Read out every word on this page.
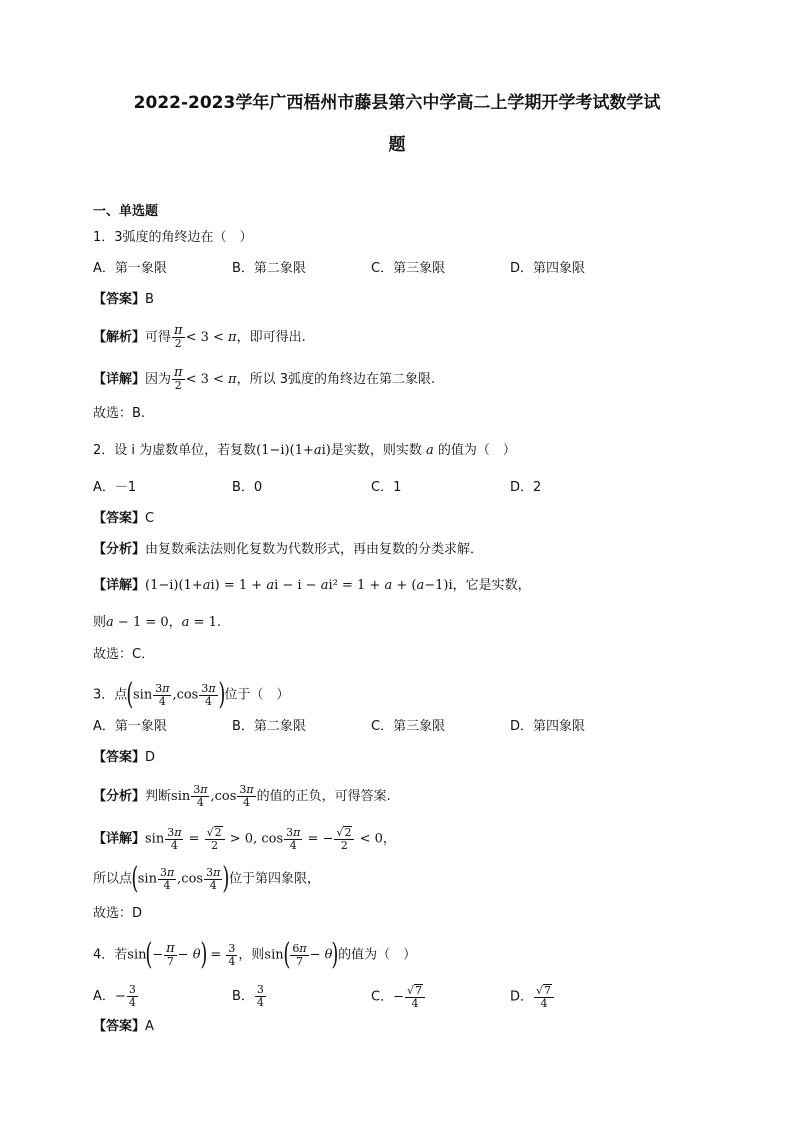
2022-2023学年广西梧州市藤县第六中学高二上学期开学考试数学试
题
一、单选题
1．3弧度的角终边在（　）
A．第一象限	B．第二象限	C．第三象限	D．第四象限
【答案】B
【解析】可得 $\frac{\pi}{2} < 3 < \pi$，即可得出.
【详解】因为 $\frac{\pi}{2} < 3 < \pi$，所以 3弧度的角终边在第二象限.
故选：B.
2．设 i 为虚数单位，若复数(1−i)(1+ai)是实数，则实数 a 的值为（　）
A．－1	B．0	C．1	D．2
【答案】C
【分析】由复数乘法法则化复数为代数形式，再由复数的分类求解．
【详解】(1−i)(1+ai) = 1 + ai − i − ai² = 1 + a + (a−1)i，它是实数，
则a − 1 = 0，a = 1.
故选：C．
3．点($\sin \frac{3\pi}{4} ,\cos \frac{3\pi}{4}$ )位于（　）
A．第一象限	B．第二象限	C．第三象限	D．第四象限
【答案】D
【分析】判断$\sin \frac{3\pi}{4} ,\cos \frac{3\pi}{4}$ 的值的正负，可得答案.
【详解】$\sin \frac{3\pi}{4} = \frac{√2}{2} > 0$, $\cos \frac{3\pi}{4}$ = − $\frac{√2}{2} < 0$，
所以点($\sin \frac{3\pi}{4} ,\cos \frac{3\pi}{4}$ )位于第四象限，
故选：D
4．若$\sin(- \frac{\pi}{7} - \theta) = \frac{3}{4}$ ，则$\sin( \frac{6\pi}{7} - \theta)$的值为（　）
A．− $\frac{3}{4}$	B． $\frac{3}{4}$	C．− $\frac{√7}{4}$	D． $\frac{√7}{4}$
【答案】A
